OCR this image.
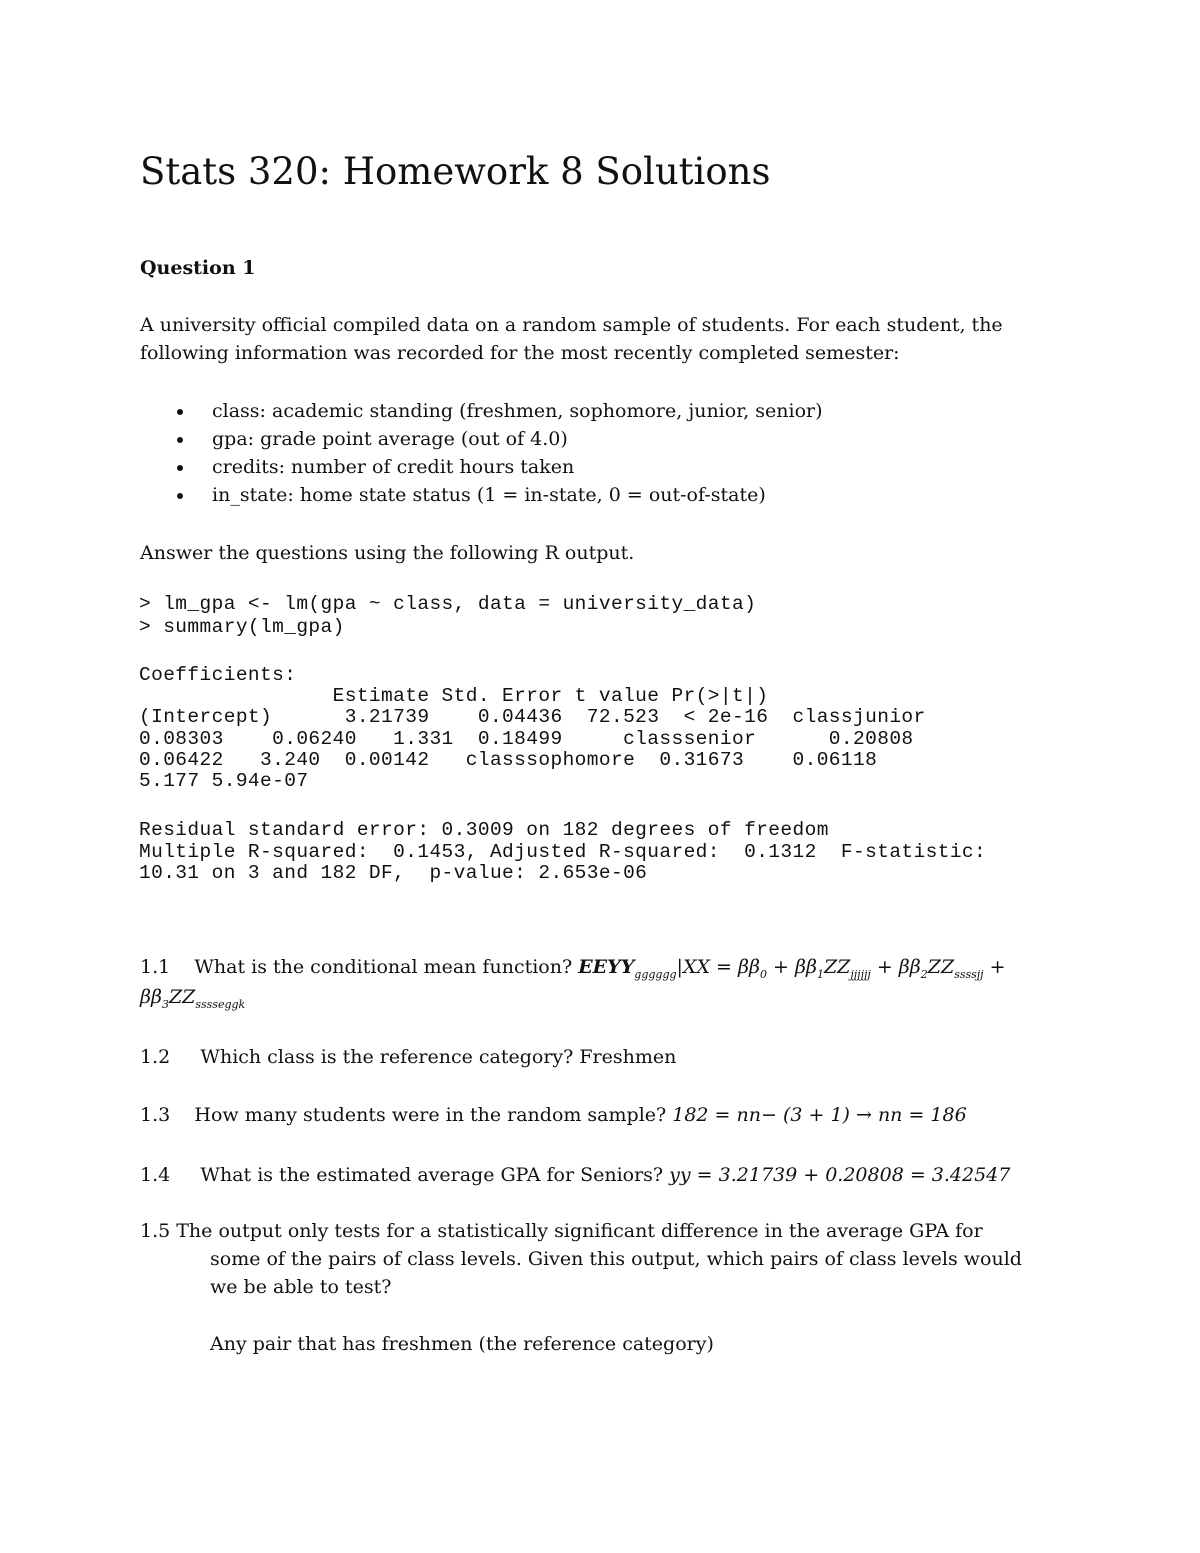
Stats 320: Homework 8 Solutions
Question 1
A university official compiled data on a random sample of students. For each student, the
following information was recorded for the most recently completed semester:
class: academic standing (freshmen, sophomore, junior, senior)
gpa: grade point average (out of 4.0)
credits: number of credit hours taken
in_state: home state status (1 = in-state, 0 = out-of-state)
Answer the questions using the following R output.
> lm_gpa <- lm(gpa ~ class, data = university_data)
> summary(lm_gpa)
Coefficients:
Estimate Std. Error t value Pr(>|t|)
(Intercept)      3.21739    0.04436  72.523  < 2e-16  classjunior
0.08303    0.06240   1.331  0.18499     classsenior      0.20808
0.06422   3.240  0.00142   classsophomore  0.31673    0.06118
5.177 5.94e-07
Residual standard error: 0.3009 on 182 degrees of freedom
Multiple R-squared:  0.1453, Adjusted R-squared:  0.1312  F-statistic:
10.31 on 3 and 182 DF,  p-value: 2.653e-06
1.1 What is the conditional mean function? $EEYY_{gggggg}|XX = \beta\beta_0 + \beta\beta_1ZZ_{jjjjjj} + \beta\beta_2ZZ_{ssssjj}$ +
$\beta\beta_3ZZ_{sssseggk}$
1.2 Which class is the reference category? Freshmen
1.3 How many students were in the random sample? 182 = nn− (3 + 1) → nn = 186
1.4 What is the estimated average GPA for Seniors? yy = 3.21739 + 0.20808 = 3.42547
1.5 The output only tests for a statistically significant difference in the average GPA for
some of the pairs of class levels. Given this output, which pairs of class levels would
we be able to test?
Any pair that has freshmen (the reference category)
